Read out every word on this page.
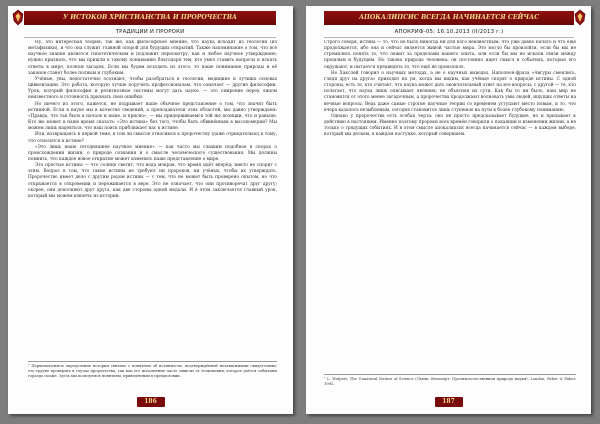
У ИСТОКОВ ХРИСТИАНСТВА И ПРОРОЧЕСТВА
ТРАДИЦИИ И ПРОРОКИ

Ну, это интересная теория; так же, как философское мнение, что наука исходит из теологии (из метафизики), и что она служит главной опорой для будущих открытий. Также напоминание о том, что всё научное знание является гипотетическим и подлежит пересмотру, как и любое научное утверждение; нужно признать, что мы пришли к такому пониманию благодаря тем, кто умел ставить вопросы и искать ответы в мире, полном загадок. Если мы будем исходить из этого, то наше понимание природы и её законов станет более полным и глубоким.

Учёные, увы, недостаточно осознают, чтобы разобраться в теологии, медицине и лучших основах цивилизации. Это работа, которую лучше поручить профессионалам, что означает — другие философии. Урок, который философия и религиозные системы могут дать науке, — это смирение перед лицом неизвестного и готовность признать свои ошибки.

Но ничего из этого, кажется, не подрывает наше обычное представление о том, что значит быть истинной. Если в науке мы в качестве сведений, а преподаватели этих областей, мы давно утверждаем: «Правда, что так было в начале и ныне, и присно», — мы придерживаемся той же позиции, что и раньше. Кто же может в наше время сказать: «Это истина» без того, чтобы быть обвинённым в высокомерии? Мы можем лишь надеяться, что наш поиск приближает нас к истине.

Или, возвращаясь к первой теме, в том ли смысле относимся к пророчеству (даже отрицательно) к тому, что относится к истине?

«Это лишь наше сегодняшнее научное мнение» — как часто мы слышим подобное в спорах о происхождении жизни, о природе сознания и о смысле человеческого существования. Мы должны помнить, что каждое новое открытие может изменить наше представление о мире.

Это простые истины — что солнце светит, что вода мокрая, что время идёт вперёд; никто не спорит с этим. Вопрос в том, что такие истины не требуют ни пророков, ни учёных, чтобы их утверждать. Пророчество имеет дело с другим родом истины — с тем, что не может быть проверено опытом, но что открывается в откровении и переживается в вере. Это не означает, что они противоречат друг другу; скорее, они дополняют друг друга, как две стороны одной медали. И в этом заключается главный урок, который мы можем извлечь из истории.

¹ Первоначальное определение истории связано с понятием об истинности, подтверждённой независимыми свидетелями; это трудно проверить в случае пророчества, так как его исполнение часто зависит от толкования, которое даётся событиям гораздо позже. Здесь мы пользуемся понятием, приведённым в предисловии.
186
АПОКАЛИПСИС ВСЕГДА НАЧИНАЕТСЯ СЕЙЧАС
АПОКРИФ-05: 16.10.2013 (II/2013 г.)

Строго говоря, истина — то, что не было никогда ни для кого неизвестным, что уже давно начато и что ещё продолжается, ибо она и сейчас является живой частью мира. Это могло бы произойти, если бы мы не стремились понять то, что лежит за пределами нашего опыта, или если бы мы не искали связи между прошлым и будущим. Но такова природа человека: он постоянно ищет смысл в событиях, которые его окружают, и пытается предвидеть то, что ещё не произошло.

Но Хакслей говорил о научных методах, а не о научных выводах. Наполеон-фраза «Авгуры смеялись, глядя друг на друга» приходит на ум, когда мы видим, как учёные спорят о природе истины. С одной стороны, есть те, кто считает, что наука может дать окончательный ответ на все вопросы; с другой — те, кто полагает, что наука лишь описывает явления, не объясняя их сути. Как бы то ни было, наш мир не становится от этого менее загадочным, а пророчества продолжают волновать умы людей, ищущих ответы на вечные вопросы. Ведь даже самые строгие научные теории со временем уступают место новым, и то, что вчера казалось незыблемым, сегодня становится лишь ступенью на пути к более глубокому пониманию.

Однако у пророчества есть особая черта: оно не просто предсказывает будущее, но и призывает к действию в настоящем. Именно поэтому пророки всех времён говорили о покаянии и изменении жизни, а не только о грядущих событиях. И в этом смысле апокалипсис всегда начинается сейчас — в каждом выборе, который мы делаем, в каждом поступке, который совершаем.

¹ L. Wolpert, The Unnatural Nature of Science (Льюис Вольперт. Противоестественная природа науки). London, Faber & Faber, 1992.
187
